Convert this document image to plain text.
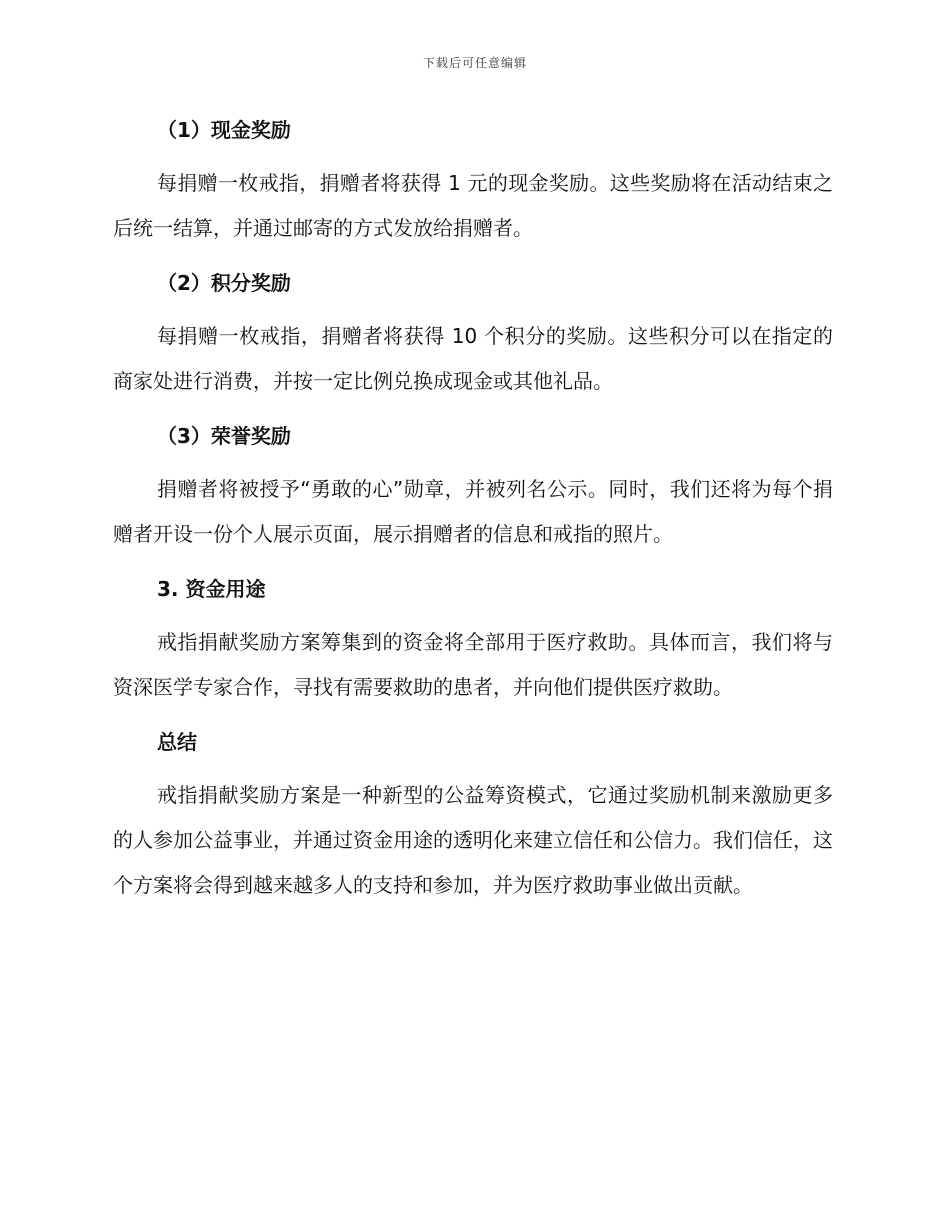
下载后可任意编辑
（1）现金奖励

每捐赠一枚戒指，捐赠者将获得 1 元的现金奖励。这些奖励将在活动结束之后统一结算，并通过邮寄的方式发放给捐赠者。

（2）积分奖励

每捐赠一枚戒指，捐赠者将获得 10 个积分的奖励。这些积分可以在指定的商家处进行消费，并按一定比例兑换成现金或其他礼品。

（3）荣誉奖励

捐赠者将被授予“勇敢的心”勋章，并被列名公示。同时，我们还将为每个捐赠者开设一份个人展示页面，展示捐赠者的信息和戒指的照片。

3. 资金用途

戒指捐献奖励方案筹集到的资金将全部用于医疗救助。具体而言，我们将与资深医学专家合作，寻找有需要救助的患者，并向他们提供医疗救助。

总结

戒指捐献奖励方案是一种新型的公益筹资模式，它通过奖励机制来激励更多的人参加公益事业，并通过资金用途的透明化来建立信任和公信力。我们信任，这个方案将会得到越来越多人的支持和参加，并为医疗救助事业做出贡献。
